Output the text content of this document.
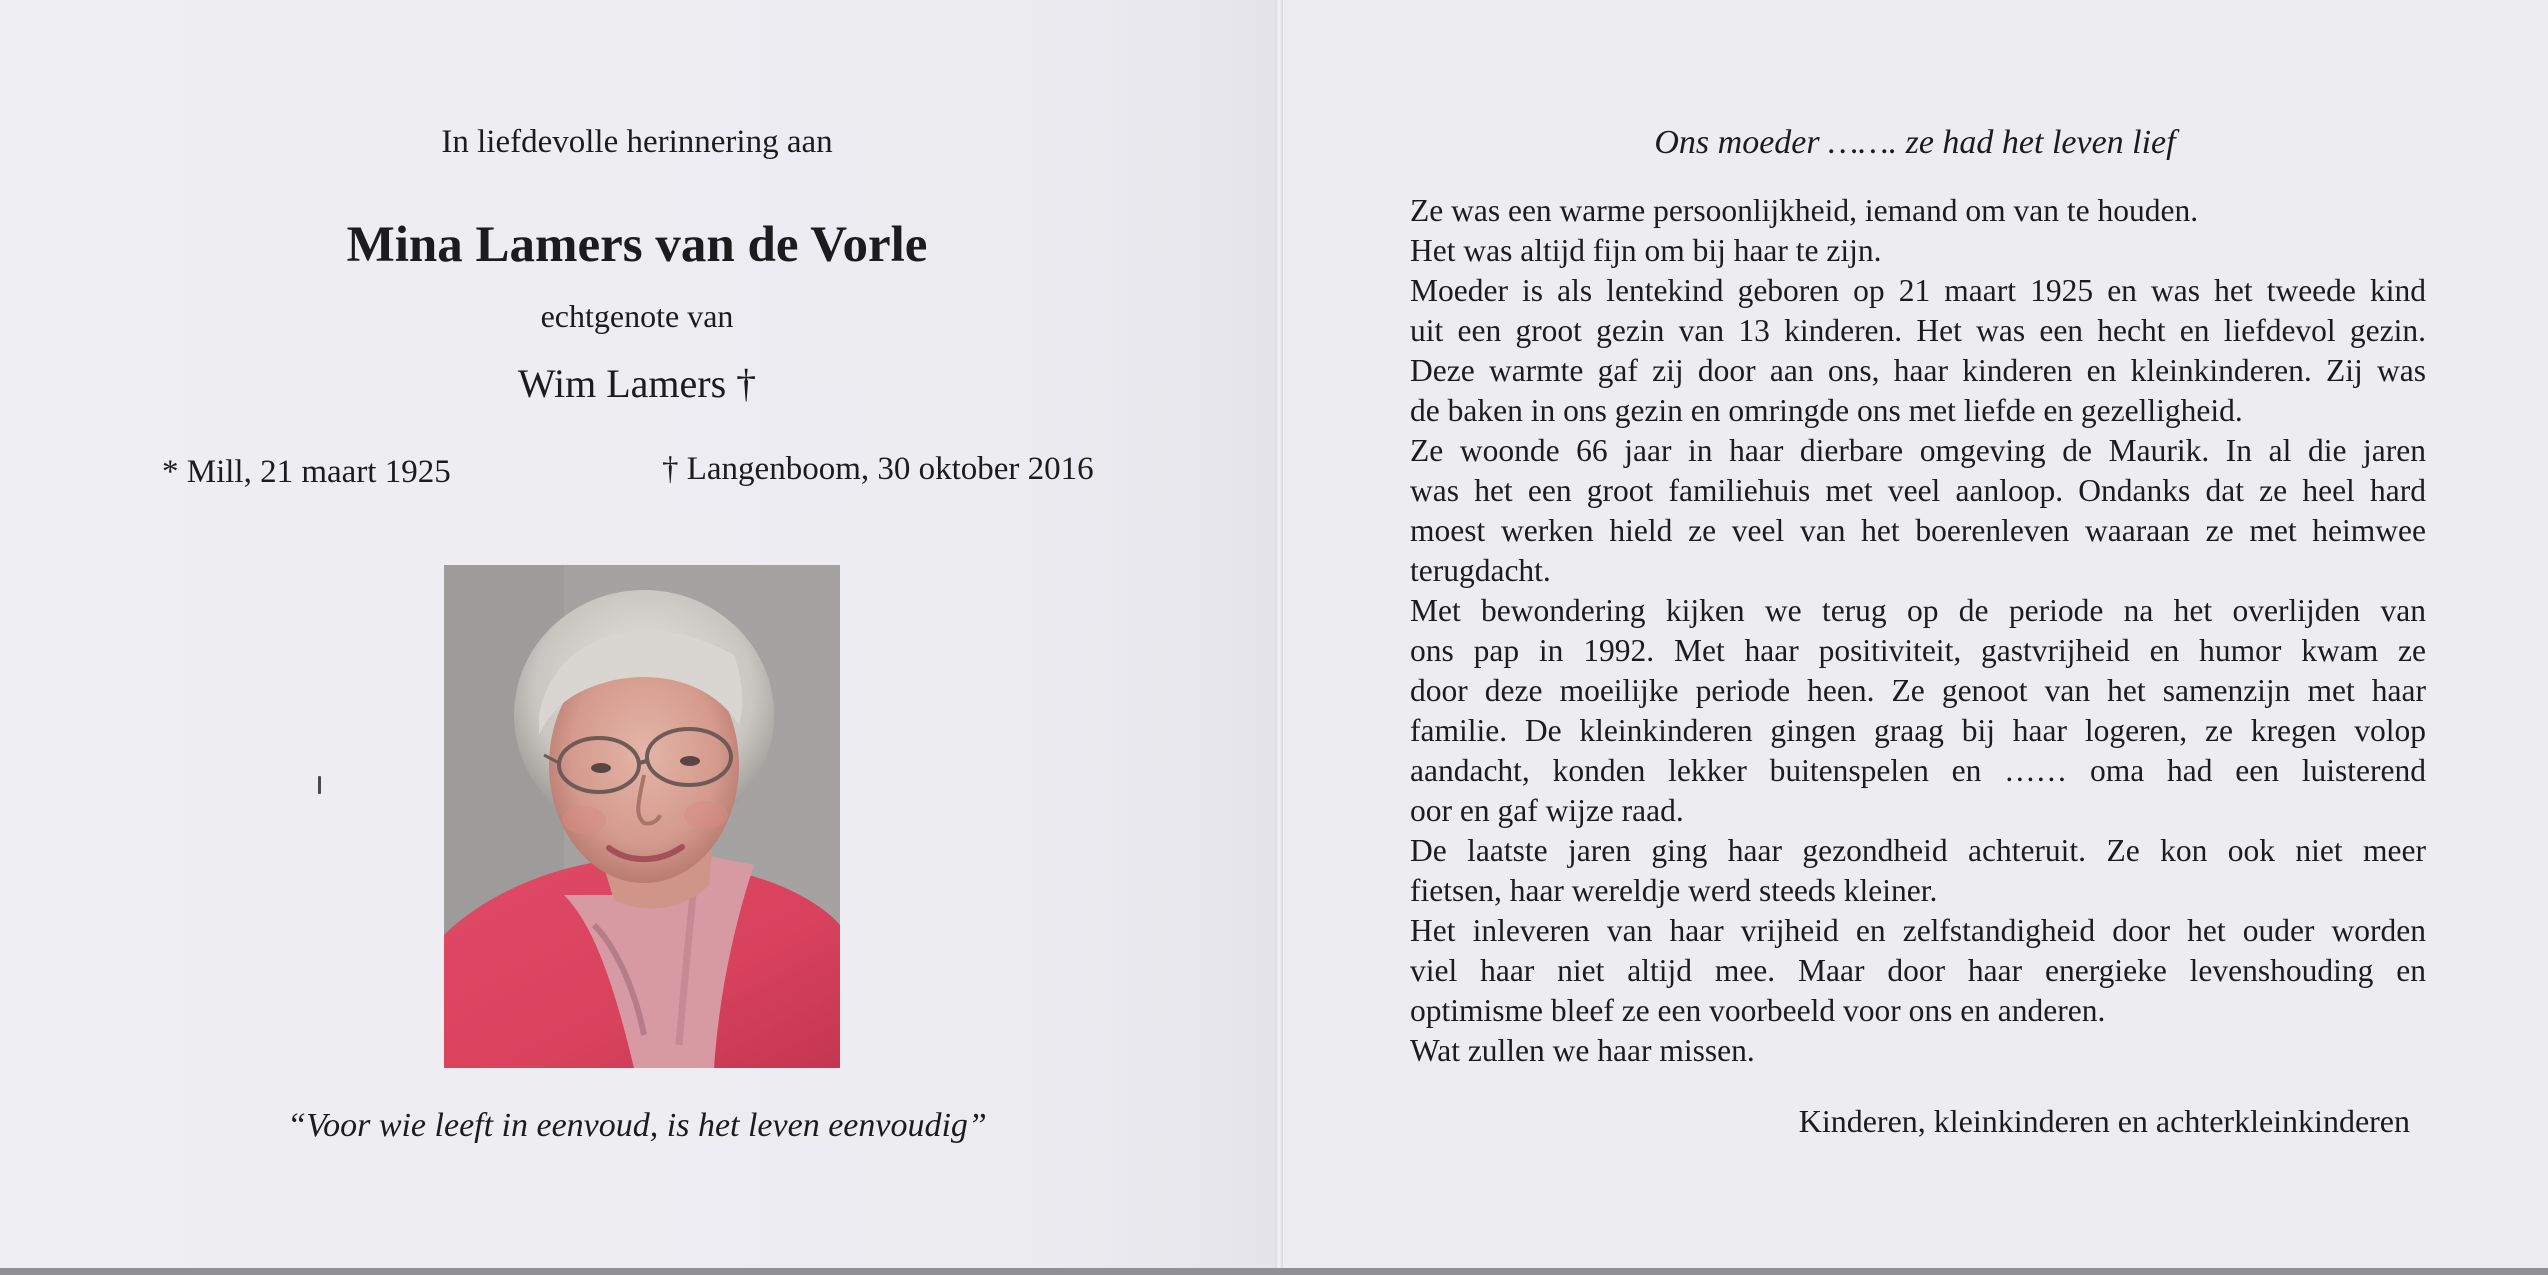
In liefdevolle herinnering aan
Mina Lamers van de Vorle
echtgenote van
Wim Lamers †
* Mill, 21 maart 1925	† Langenboom, 30 oktober 2016
“Voor wie leeft in eenvoud, is het leven eenvoudig”
Ons moeder ……. ze had het leven lief
Ze was een warme persoonlijkheid, iemand om van te houden.
Het was altijd fijn om bij haar te zijn.
Moeder is als lentekind geboren op 21 maart 1925 en was het tweede kind
uit een groot gezin van 13 kinderen. Het was een hecht en liefdevol gezin.
Deze warmte gaf zij door aan ons, haar kinderen en kleinkinderen. Zij was
de baken in ons gezin en omringde ons met liefde en gezelligheid.
Ze woonde 66 jaar in haar dierbare omgeving de Maurik. In al die jaren
was het een groot familiehuis met veel aanloop. Ondanks dat ze heel hard
moest werken hield ze veel van het boerenleven waaraan ze met heimwee
terugdacht.
Met bewondering kijken we terug op de periode na het overlijden van
ons pap in 1992. Met haar positiviteit, gastvrijheid en humor kwam ze
door deze moeilijke periode heen. Ze genoot van het samenzijn met haar
familie. De kleinkinderen gingen graag bij haar logeren, ze kregen volop
aandacht, konden lekker buitenspelen en …… oma had een luisterend
oor en gaf wijze raad.
De laatste jaren ging haar gezondheid achteruit. Ze kon ook niet meer
fietsen, haar wereldje werd steeds kleiner.
Het inleveren van haar vrijheid en zelfstandigheid door het ouder worden
viel haar niet altijd mee. Maar door haar energieke levenshouding en
optimisme bleef ze een voorbeeld voor ons en anderen.
Wat zullen we haar missen.
Kinderen, kleinkinderen en achterkleinkinderen
